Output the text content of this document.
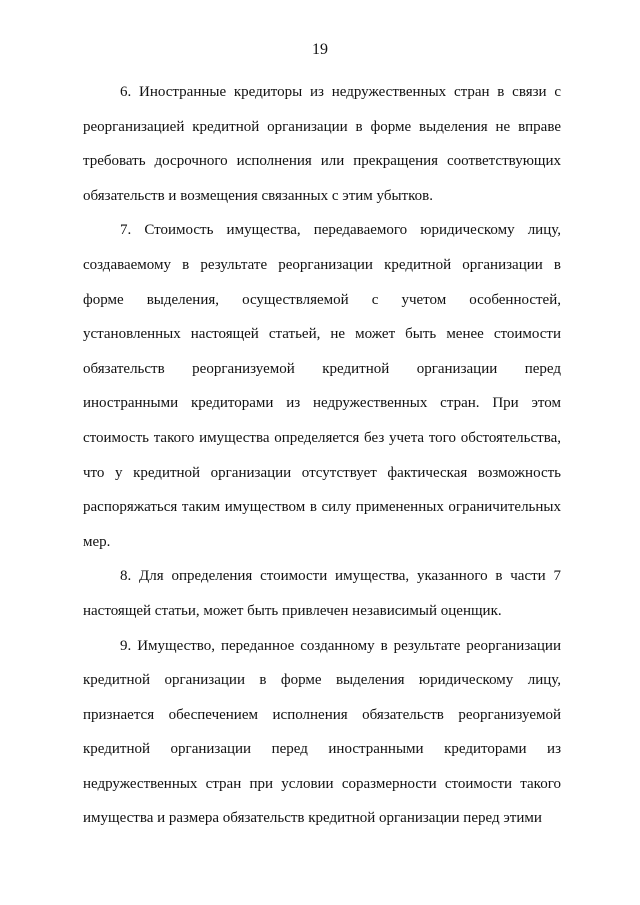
19

6. Иностранные кредиторы из недружественных стран в связи с реорганизацией кредитной организации в форме выделения не вправе требовать досрочного исполнения или прекращения соответствующих обязательств и возмещения связанных с этим убытков.

7. Стоимость имущества, передаваемого юридическому лицу, создаваемому в результате реорганизации кредитной организации в форме выделения, осуществляемой с учетом особенностей, установленных настоящей статьей, не может быть менее стоимости обязательств реорганизуемой кредитной организации перед иностранными кредиторами из недружественных стран. При этом стоимость такого имущества определяется без учета того обстоятельства, что у кредитной организации отсутствует фактическая возможность распоряжаться таким имуществом в силу примененных ограничительных мер.

8. Для определения стоимости имущества, указанного в части 7 настоящей статьи, может быть привлечен независимый оценщик.

9. Имущество, переданное созданному в результате реорганизации кредитной организации в форме выделения юридическому лицу, признается обеспечением исполнения обязательств реорганизуемой кредитной организации перед иностранными кредиторами из недружественных стран при условии соразмерности стоимости такого имущества и размера обязательств кредитной организации перед этими
